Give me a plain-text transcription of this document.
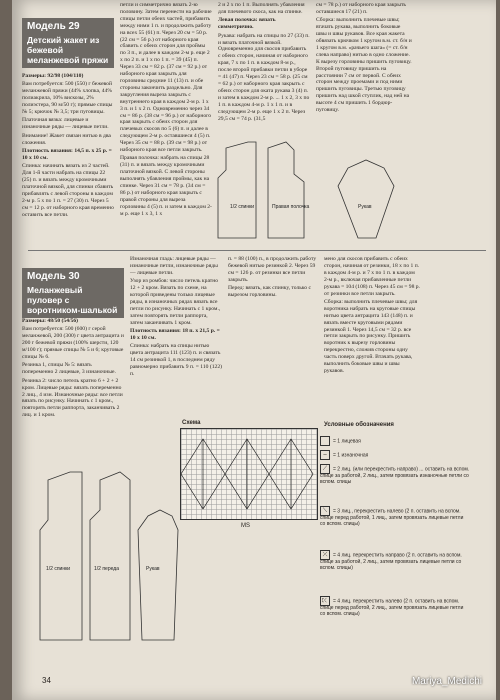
Модель 29
Детский жакет из бежевой меланжевой пряжи

Размеры: 92/98 (104/110)

Вам потребуется: 500 (550) г бежевой меланжевой пряжи (44% хлопка, 44% полиакрила, 10% вискозы, 2% полиэстера, 90 м/50 г); прямые спицы № 5; крючок № 3,5; три пуговицы.

Платочная вязка: лицевые и изнаночные ряды — лицевые петли.

Внимание! Жакет связан нитью в два сложения.

Плотность вязания: 14,5 п. x 25 р. = 10 x 10 см.

Спинка: начинать вязать из 2 частей. Для 1-й части набрать на спицы 22 (25) п. и вязать между кромочными платочной вязкой, для спинки сбавить прибавлять с левой стороны в каждом 2-м р. 5 х по 1 п. = 27 (30) п. Через 5 см = 12 р. от наборного края временно оставить все петли.

петли и симметрично вязать 2-ю половину. Затем перенести на рабочие спицы петли обеих частей, прибавить между ними 1 п. и продолжить работу на всех 55 (61) п. Через 20 см = 50 р. (22 см = 56 р.) от наборного края сбавить с обеих сторон для проймы по 3 п., и далее в каждом 2-м р. еще 2 х по 2 п. и 1 х по 1 п. = 39 (45) п. Через 33 см = 82 р. (37 см = 92 р.) от наборного края закрыть для горловины средние 11 (13) п. и обе стороны закончить раздельно. Для закругления выреза закрыть с внутреннего края в каждом 2-м р. 1 х 3 п. и 1 х 2 п. Одновременно через 34 см = 86 р. (38 см = 96 р.) от наборного края закрыть с обеих сторон для плечевых скосов по 5 (6) п. и далее в следующем 2-м р. оставшиеся 4 (5) п. Через 35 см = 88 р. (39 см = 98 р.) от наборного края все петли закрыть.

Правая полочка: набрать на спицы 28 (31) п. и вязать между кромочными платочной вязкой. С левой стороны выполнять убавления проймы, как на спинке. Через 31 см = 78 р. (34 см = 86 р.) от наборного края закрыть с правой стороны для выреза горловины 4 (5) п. и затем в каждом 2-м р. еще 1 х 3, 1 х

2 и 2 х по 1 п. Выполнять убавления для плечевого скоса, как на спинке.

Левая полочка: вязать симметрично.

Рукава: набрать на спицы по 27 (33) п. и вязать платочной вязкой. Одновременно для скосов прибавить с обеих сторон, начиная от наборного края, 7 х по 1 п. в каждом 8-м р., после второй прибавки петли в уборе = 41 (47) п. Через 23 см = 58 р. (25 см = 62 р.) от наборного края закрыть с обеих сторон для окатa рукава 3 (4) п. и затем в каждом 2-м р. ... 1 х 2, 3 х по 1 п. в каждом 4-м р. 1 х 1 п. и в следующем 2-м р. еще 1 х 2 п. Через 29,5 см = 74 р. (31,5

см = 78 р.) от наборного края закрыть оставшиеся 17 (21) п.

Сборка: выполнить плечевые швы; втачать рукава, выполнить боковые швы и швы рукавов. Все края жакета обвязать крючком 1 кругом в.м. ст. б/н и 1 кругом в.м. «рачьего шага» (= ст. б/н слева направо) нитью в одно сложение. К вырезу горловины пришить пуговицу. Второй пуговицу пришить на расстоянии 7 см от первой. С обеих сторон между проемами и под ними пришить пуговицы. Третью пуговицу пришить над шкой ступлик, над ней на высоте 4 см пришить 1 бордюр-пуговицу.

1/2 спинки	Правая полочка	Рукав
Модель 30
Меланжевый пуловер с воротником-шалькой

Размеры: 48/50 (54/56)

Вам потребуется: 500 (600) г серой меланжевой, 200 (300) г цвета антрацита и 200 г бежевой пряжи (100% шерсти, 120 м/100 г); прямые спицы № 5 и 6; круговые спицы № 6.

Резинка 1, спицы № 5: вязать попеременно 2 лицевые, 3 изнаночные.

Резинка 2: число петель кратно 6 + 2 + 2 кром. Лицевые ряды: вязать попеременно 2 лиц., 4 изн. Изнаночные ряды: все петли вязать по рисунку. Начинать с 1 кром., повторять петли раппорта, заканчивать 2 лиц. и 1 кром.

Изнаночная гладь: лицевые ряды — изнаночные петли, изнаночные ряды — лицевые петли.

Узор из ромбов: число петель кратно 12 + 2 кром. Вязать по схеме, на которой приведены только лицевые ряды, в изнаночных рядах вязать все петли по рисунку. Начинать с 1 кром., затем повторять петли раппорта, затем заканчивать 1 кром.

Плотность вязания: 18 п. x 21,5 р. = 10 x 10 см.

Спинка: набрать на спицы нитью цвета антрацита 111 (123) п. и связать 14 см резинкой 1, в последнем ряду равномерно прибавить 9 п. = 110 (122) п.

п. = 88 (100) п., в продолжить работу бежевой нитью резинкой 2. Через 59 см = 126 р. от резинки все петли закрыть.

Перед: вязать, как спинку, только с вырезом горловины.

мено для скосов прибавить с обеих сторон, начиная от резинки, 18 х по 1 п. в каждом 4-м р. и 7 х по 1 п. в каждом 2-м р., включая прибавленные петли рукава = 104 (108) п. Через 45 см = 98 р. от резинки все петли закрыть.

Сборка: выполнить плечевые швы; для воротника набрать на круговые спицы нитью цвета антрацита 143 (148) п. и вязать вместе круговыми рядами резинкой 1. Через 14,5 см = 32 р. все петли закрыть по рисунку. Пришить воротник к вырезу горловины перекрестно, сложив стороны одну часть поверх другой. Втачать рукава, выполнить боковые швы и швы рукавов.

1/2 спинки	1/2 переда	Рукав
Схема
МS
Условные обозначения
= 1 лицевая
– = 1 изнаночная
⟋ = 2 лиц. (или перекрестить направо) ... оставить на вспом. спице за работой, 2 лиц., затем провязать изнаночные петли со вспом. спицы
⟍ = 3 лиц., перекрестить налево (2 п. оставить на вспом. спице перед работой, 1 лиц., затем провязать лицевые петли со вспом. спицы)
⤫ = 4 лиц. перекрестить направо (2 п. оставить на вспом. спице за работой, 2 лиц., затем провязать лицевые петли со вспом. спицы)
⤪ = 4 лиц. перекрестить налево (2 п. оставить на вспом. спице перед работой, 2 лиц., затем провязать лицевые петли со вспом. спицы)
34	Mariya_Medichi
